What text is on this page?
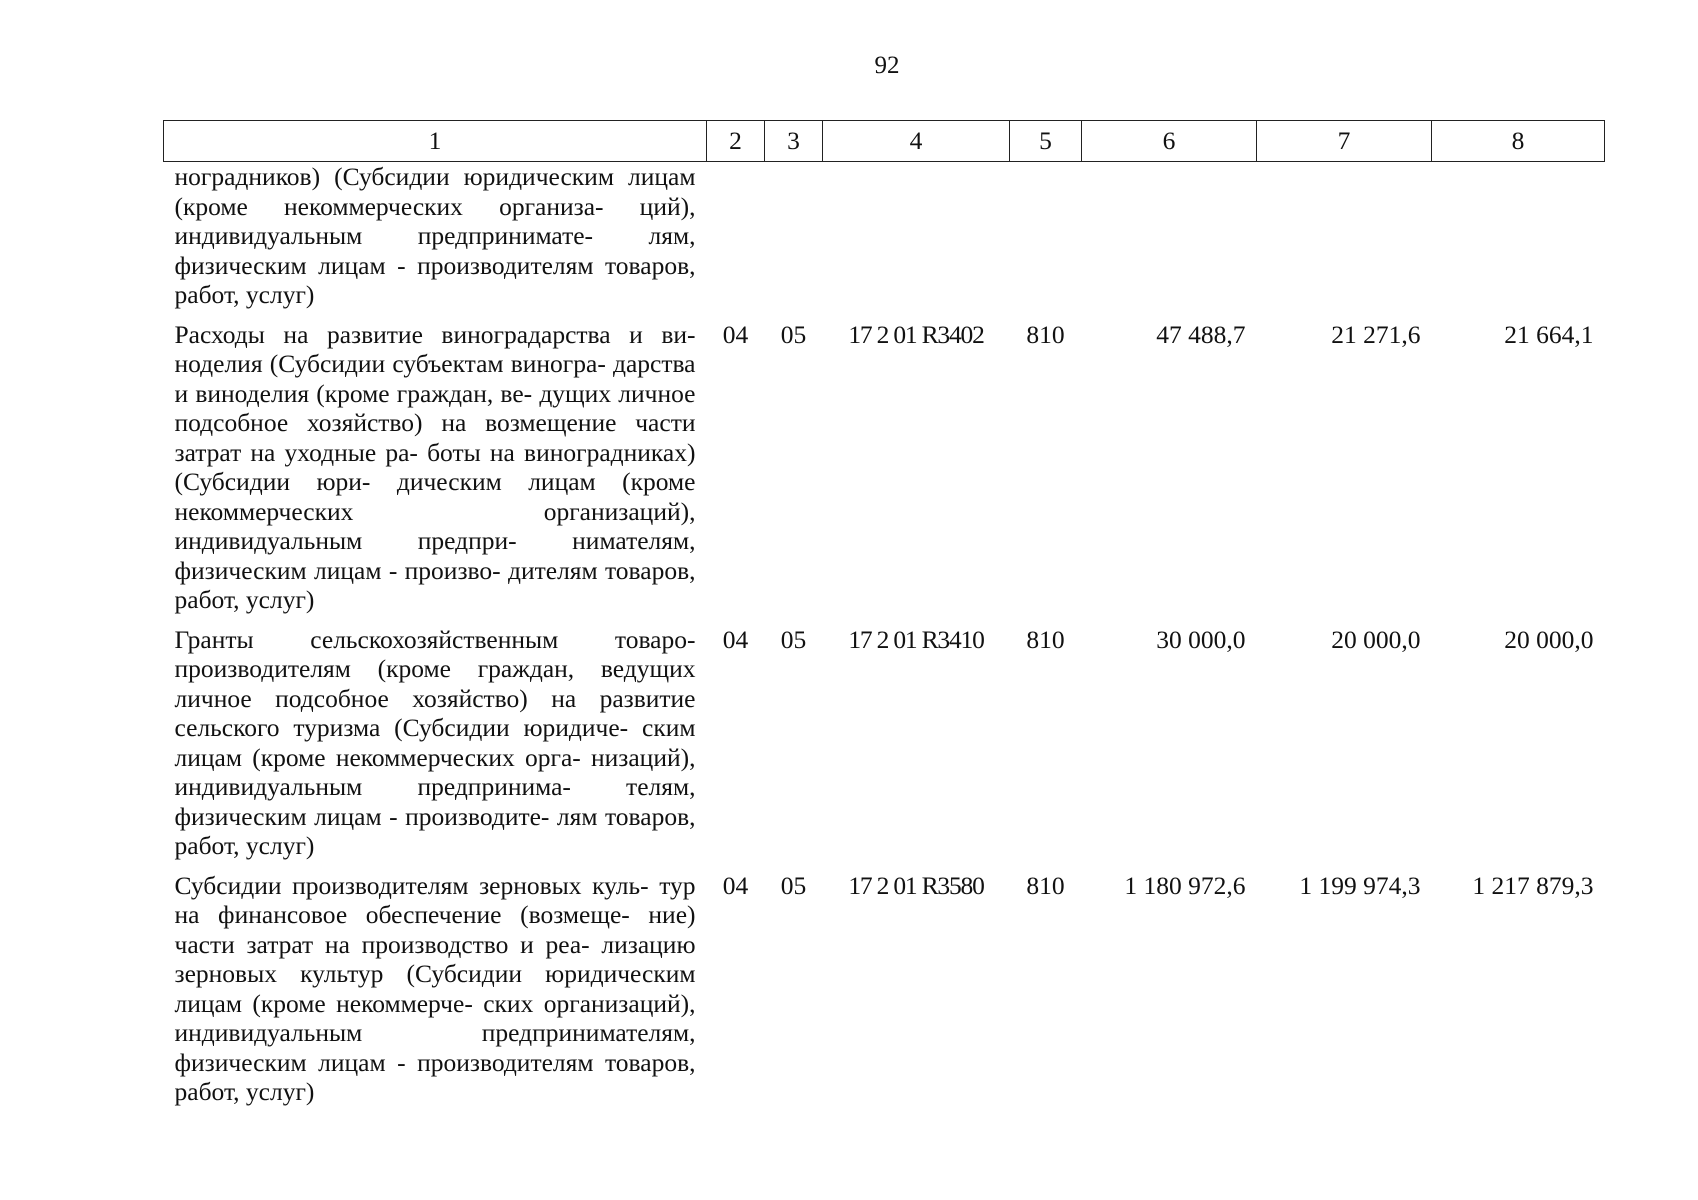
92
1	2	3	4	5	6	7	8
ноградников) (Субсидии юридическим лицам (кроме некоммерческих организа- ций), индивидуальным предпринимате- лям, физическим лицам - производителям товаров, работ, услуг)							
Расходы на развитие виноградарства и ви- ноделия (Субсидии субъектам виногра- дарства и виноделия (кроме граждан, ве- дущих личное подсобное хозяйство) на возмещение части затрат на уходные ра- боты на виноградниках) (Субсидии юри- дическим лицам (кроме некоммерческих организаций), индивидуальным предпри- нимателям, физическим лицам - произво- дителям товаров, работ, услуг)	04	05	17 2 01 R3402	810	47 488,7	21 271,6	21 664,1
Гранты сельскохозяйственным товаро- производителям (кроме граждан, ведущих личное подсобное хозяйство) на развитие сельского туризма (Субсидии юридиче- ским лицам (кроме некоммерческих орга- низаций), индивидуальным предпринима- телям, физическим лицам - производите- лям товаров, работ, услуг)	04	05	17 2 01 R3410	810	30 000,0	20 000,0	20 000,0
Субсидии производителям зерновых куль- тур на финансовое обеспечение (возмеще- ние) части затрат на производство и реа- лизацию зерновых культур (Субсидии юридическим лицам (кроме некоммерче- ских организаций), индивидуальным предпринимателям, физическим лицам - производителям товаров, работ, услуг)	04	05	17 2 01 R3580	810	1 180 972,6	1 199 974,3	1 217 879,3
